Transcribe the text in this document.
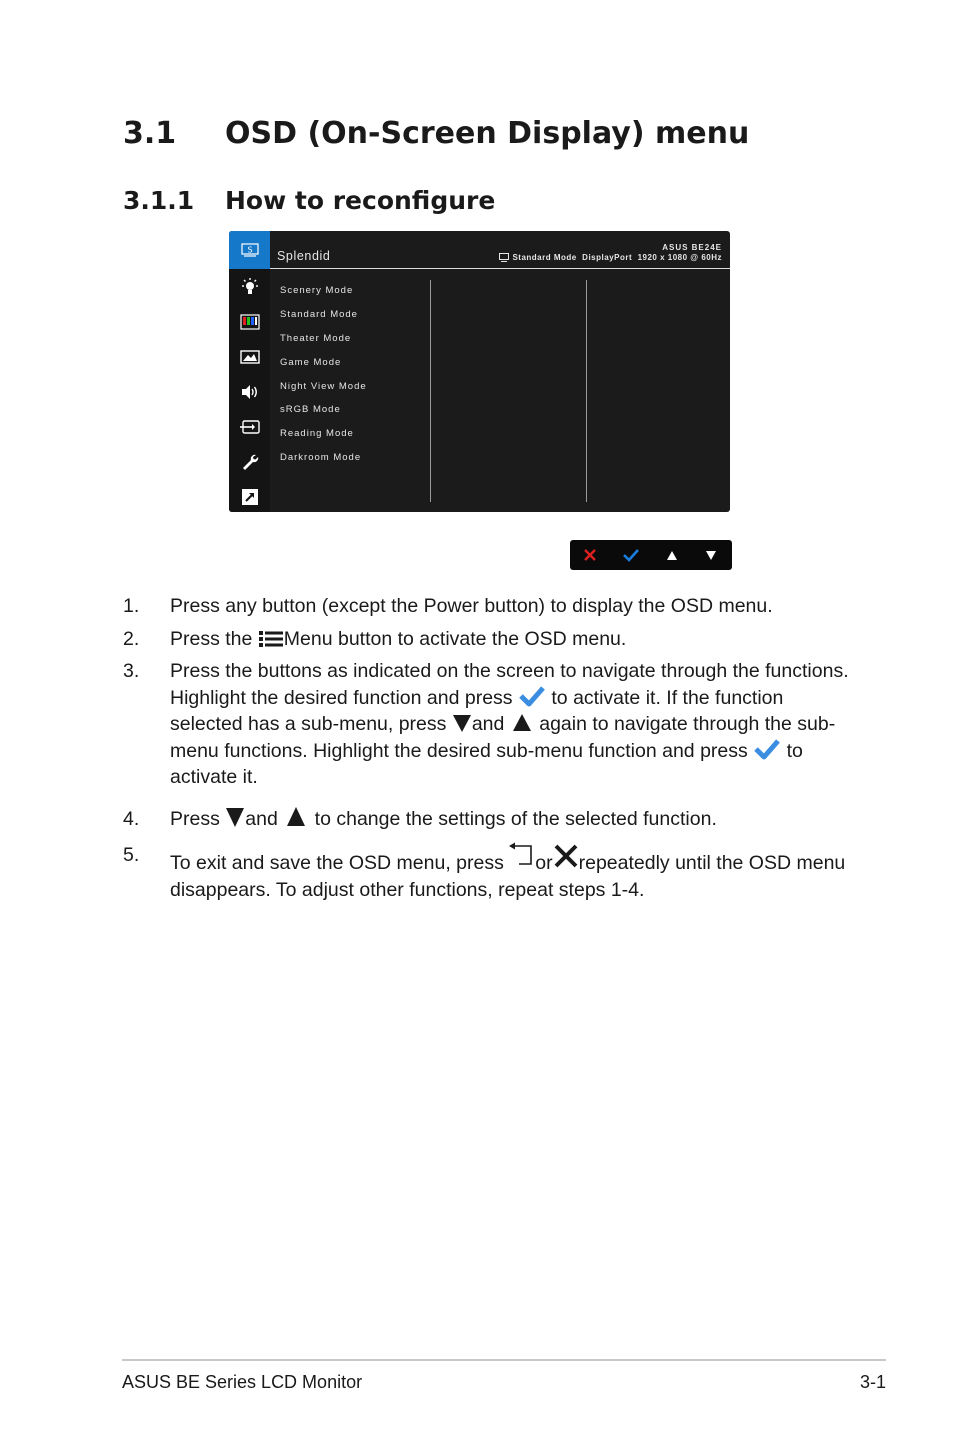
3.1 OSD (On-Screen Display) menu
3.1.1 How to reconfigure
S Splendid
ASUS BE24E
Standard Mode  DisplayPort  1920 x 1080 @ 60Hz
Scenery Mode
Standard Mode
Theater Mode
Game Mode
Night View Mode
sRGB Mode
Reading Mode
Darkroom Mode
1. Press any button (except the Power button) to display the OSD menu.
2. Press the Menu button to activate the OSD menu.
3. Press the buttons as indicated on the screen to navigate through the functions. Highlight the desired function and press to activate it. If the function selected has a sub-menu, press and again to navigate through the sub-menu functions. Highlight the desired sub-menu function and press to activate it.
4. Press and to change the settings of the selected function.
5. To exit and save the OSD menu, press or repeatedly until the OSD menu disappears. To adjust other functions, repeat steps 1-4.
ASUS BE Series LCD Monitor	3-1
